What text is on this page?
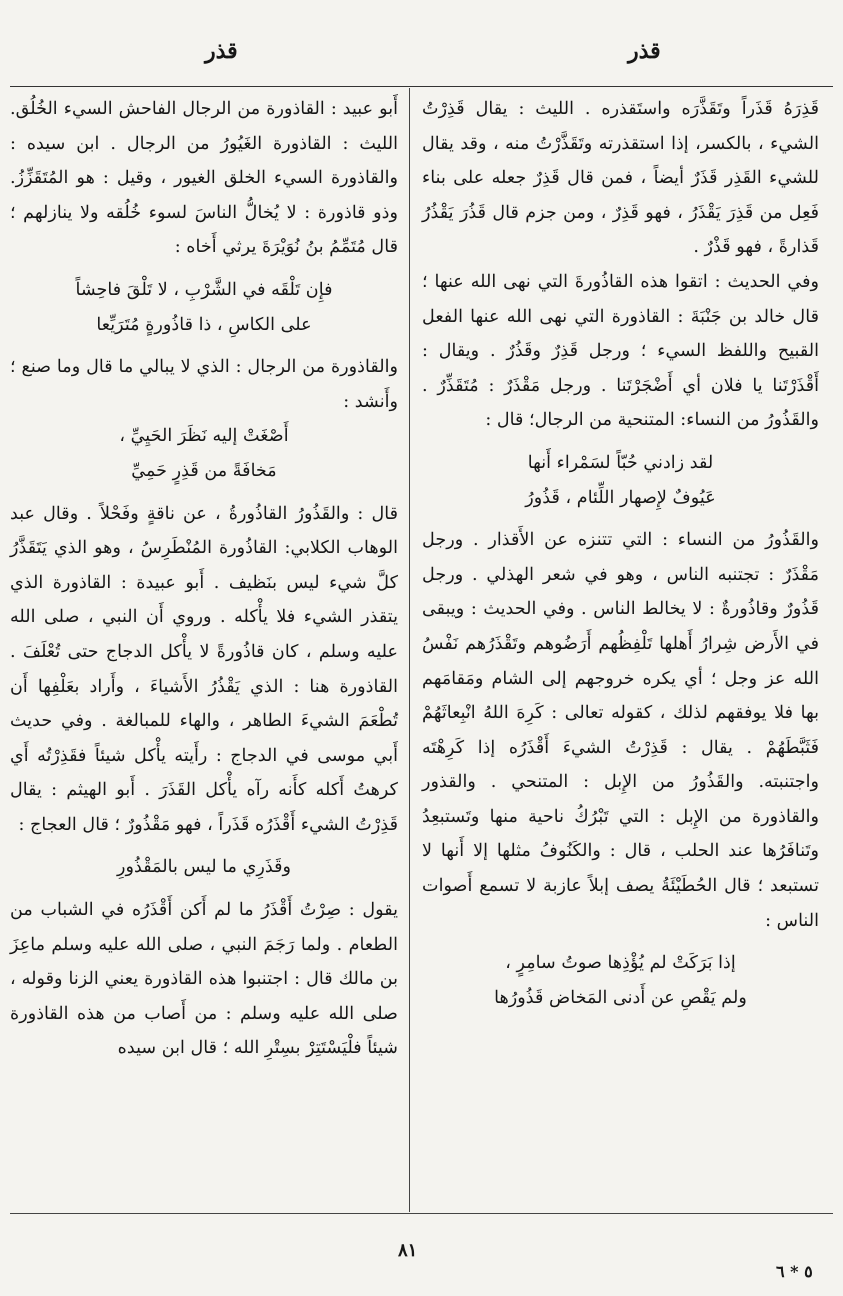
قذر	قذر

قَذِرَهُ قَذَراً وتَقَذَّرَه واستَقذره . الليث : يقال قَذِرْتُ الشيء ، بالكسر، إذا استقذرته وتَقَذَّرْتُ منه ، وقد يقال للشيء القَذِر قَذَرٌ أيضاً ، فمن قال قَذِرٌ جعله على بناء فَعِل من قَذِرَ يَقْذَرُ ، فهو قَذِرٌ ، ومن جزم قال قَذُرَ يَقْذُرُ قَذارةً ، فهو قَذْرٌ .

وفي الحديث : اتقوا هذه القاذُورةَ التي نهى الله عنها ؛ قال خالد بن جَنْبَةَ : القاذورة التي نهى الله عنها الفعل القبيح واللفظ السيء ؛ ورجل قَذِرٌ وقَذُرٌ . ويقال : أَقْذَرْتَنا يا فلان أي أَضْجَرْتَنا . ورجل مَقْذَرٌ : مُتَقَذِّرٌ . والقَذُورُ من النساء: المتنحية من الرجال؛ قال :

لقد زادني حُبّاً لسَمْراء أَنها

عَيُوفٌ لإِصهار اللِّئام ، قَذُورُ

والقَذُورُ من النساء : التي تتنزه عن الأَقذار . ورجل مَقْذَرٌ : تجتنبه الناس ، وهو في شعر الهذلي . ورجل قَذُورٌ وقاذُورةٌ : لا يخالط الناس . وفي الحديث : ويبقى في الأَرض شِرارُ أَهلها تَلْفِظُهم أَرَضُوهم وتَقْذَرُهم نَفْسُ الله عز وجل ؛ أي يكره خروجهم إلى الشام ومَقامَهم بها فلا يوفقهم لذلك ، كقوله تعالى : كَرِهَ اللهُ انْبِعاثَهُمْ فَثَبَّطَهُمْ . يقال : قَذِرْتُ الشيءَ أَقْذَرُه إذا كَرِهْتَه واجتنبته. والقَذُورُ من الإِبل : المتنحي . والقذور والقاذورة من الإِبل : التي تَبْرُكُ ناحية منها وتَستبعِدُ وتَنافَرُها عند الحلب ، قال : والكَنُوفُ مثلها إلا أَنها لا تستبعد ؛ قال الحُطَيْئَةُ يصف إبلاً عازبة لا تسمع أَصوات الناس :

إذا بَرَكَتْ لم يُؤْذِها صوتُ سامِرٍ ،

ولم يَقْصِ عن أَدنى المَخاض قَذُورُها

أَبو عبيد : القاذورة من الرجال الفاحش السيء الخُلُق. الليث : القاذورة الغَيُورُ من الرجال . ابن سيده : والقاذورة السيء الخلق الغيور ، وقيل : هو المُتَقَزِّزُ. وذو قاذورة : لا يُخالُّ الناسَ لسوء خُلُقه ولا ينازلهم ؛ قال مُتَمِّمُ بنُ نُوَيْرَةَ يرثي أَخاه :

فإِن تَلْقَه في الشَّرْبِ ، لا تَلْقَ فاحِشاً

على الكاسِ ، ذا قاذُورةٍ مُتَرَيِّعا

والقاذورة من الرجال : الذي لا يبالي ما قال وما صنع ؛ وأَنشد :

أَصْغَتْ إليه نَظَرَ الحَيِيِّ ،

مَخافَةً من قَذِرٍ حَمِيِّ

قال : والقَذُورُ القاذُورةُ ، عن ناقةٍ وفَحْلاً . وقال عبد الوهاب الكلابي: القاذُورة المُنْطَرِسُ ، وهو الذي يَتَقَذَّرُ كلَّ شيء ليس بنَظيف . أَبو عبيدة : القاذورة الذي يتقذر الشيء فلا يأْكله . وروي أَن النبي ، صلى الله عليه وسلم ، كان قاذُورةً لا يأْكل الدجاج حتى تُعْلَفَ . القاذورة هنا : الذي يَقْذُرُ الأَشياءَ ، وأَراد بعَلْفِها أَن تُطْعَمَ الشيءَ الطاهر ، والهاء للمبالغة . وفي حديث أَبي موسى في الدجاج : رأَيته يأْكل شيئاً فقَذِرْتُه أَي كرهتُ أَكله كأَنه رآه يأْكل القَذَرَ . أَبو الهيثم : يقال قَذِرْتُ الشيء أَقْذَرُه قَذَراً ، فهو مَقْذُورٌ ؛ قال العجاج :

وقَذَرِي ما ليس بالمَقْذُورِ

يقول : صِرْتُ أَقْذَرُ ما لم أَكن أَقْذَرُه في الشباب من الطعام . ولما رَجَمَ النبي ، صلى الله عليه وسلم ماعِزَ بن مالك قال : اجتنبوا هذه القاذورة يعني الزنا وقوله ، صلى الله عليه وسلم : من أَصاب من هذه القاذورة شيئاً فلْيَسْتَتِرْ بسِتْرِ الله ؛ قال ابن سيده

٨١
٥ * ٦
